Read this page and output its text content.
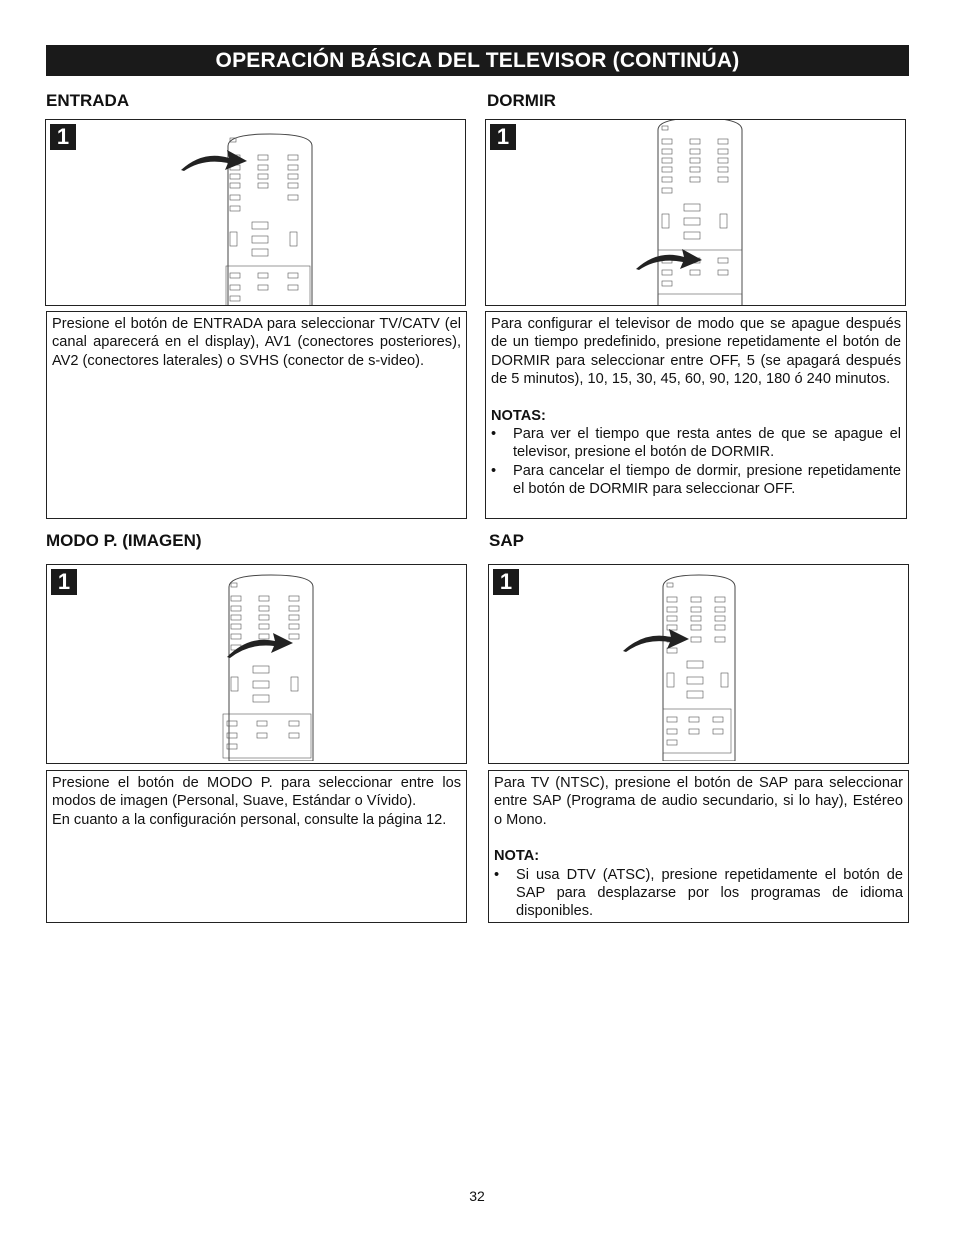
OPERACIÓN BÁSICA DEL TELEVISOR (CONTINÚA)
ENTRADA	DORMIR
MODO P. (IMAGEN)	SAP
1	1

Presione el botón de ENTRADA para seleccionar TV/CATV (el canal aparecerá en el display), AV1 (conectores posteriores), AV2 (conectores laterales) o SVHS (conector de s-video).

Para configurar el televisor de modo que se apague después de un tiempo predefinido, presione repetidamente el botón de DORMIR para seleccionar entre OFF, 5 (se apagará después de 5 minutos), 10, 15, 30, 45, 60, 90, 120, 180 ó 240 minutos.

NOTAS:
• Para ver el tiempo que resta antes de que se apague el televisor, presione el botón de DORMIR.
• Para cancelar el tiempo de dormir, presione repetidamente el botón de DORMIR para seleccionar OFF.
1	1

Presione el botón de MODO P. para seleccionar entre los modos de imagen (Personal, Suave, Estándar o Vívido).

En cuanto a la configuración personal, consulte la página 12.

Para TV (NTSC), presione el botón de SAP para seleccionar entre SAP (Programa de audio secundario, si lo hay), Estéreo o Mono.

NOTA:
• Si usa DTV (ATSC), presione repetidamente el botón de SAP para desplazarse por los programas de idioma disponibles.
32
